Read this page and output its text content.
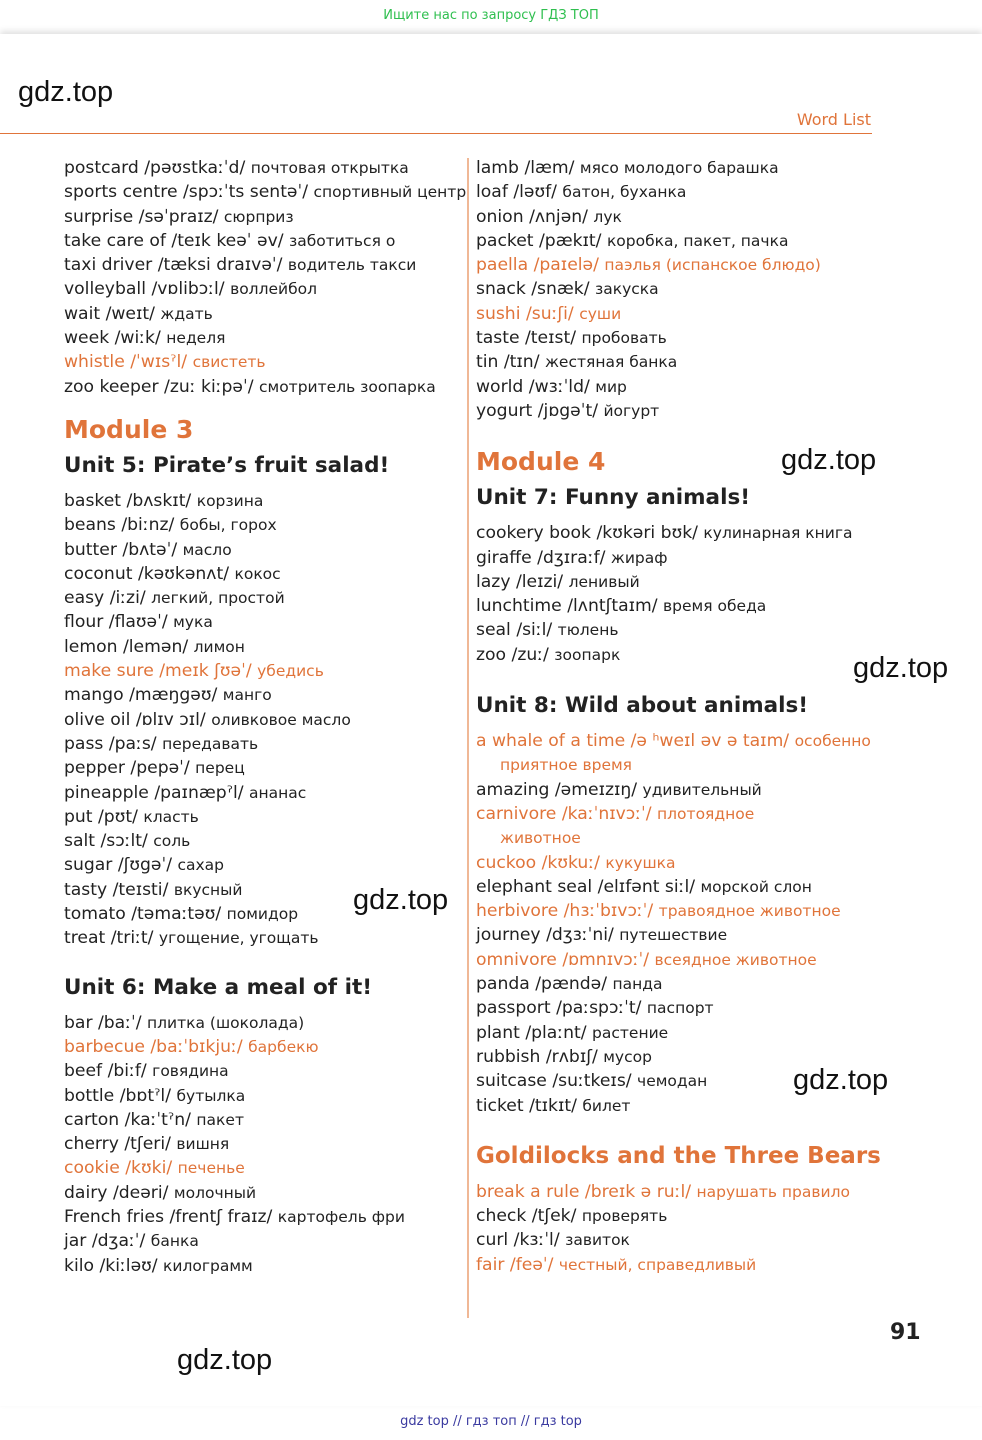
Ищите нас по запросу ГДЗ ТОП
gdz.top
Word List
postcard /pəʊstkaːˈd/ почтовая открытка
sports centre /spɔːˈts sentəˈ/ спортивный центр
surprise /səˈpraɪz/ сюрприз
take care of /teɪk keəˈ əv/ заботиться о
taxi driver /tæksi draɪvəˈ/ водитель такси
volleyball /vɒlibɔːl/ воллейбол
wait /weɪt/ ждать
week /wiːk/ неделя
whistle /ˈwɪsˀl/ свистеть
zoo keeper /zuː kiːpəˈ/ смотритель зоопарка
Module 3
Unit 5: Pirate’s fruit salad!
basket /bʌskɪt/ корзина
beans /biːnz/ бобы, горох
butter /bʌtəˈ/ масло
coconut /kəʊkənʌt/ кокос
easy /iːzi/ легкий, простой
flour /flaʊəˈ/ мука
lemon /lemən/ лимон
make sure /meɪk ʃʊəˈ/ убедись
mango /mæŋgəʊ/ манго
olive oil /ɒlɪv ɔɪl/ оливковое масло
pass /paːs/ передавать
pepper /pepəˈ/ перец
pineapple /paɪnæpˀl/ ананас
put /pʊt/ класть
salt /sɔːlt/ соль
sugar /ʃʊgəˈ/ сахар
tasty /teɪsti/ вкусный
tomato /təmaːtəʊ/ помидор
treat /triːt/ угощение, угощать
Unit 6: Make a meal of it!
bar /baːˈ/ плитка (шоколада)
barbecue /baːˈbɪkjuː/ барбекю
beef /biːf/ говядина
bottle /bɒtˀl/ бутылка
carton /kaːˈtˀn/ пакет
cherry /tʃeri/ вишня
cookie /kʊki/ печенье
dairy /deəri/ молочный
French fries /frentʃ fraɪz/ картофель фри
jar /dʒaːˈ/ банка
kilo /kiːləʊ/ килограмм
lamb /læm/ мясо молодого барашка
loaf /ləʊf/ батон, буханка
onion /ʌnjən/ лук
packet /pækɪt/ коробка, пакет, пачка
paella /paɪelə/ паэлья (испанское блюдо)
snack /snæk/ закуска
sushi /suːʃi/ суши
taste /teɪst/ пробовать
tin /tɪn/ жестяная банка
world /wɜːˈld/ мир
yogurt /jɒgəˈt/ йогурт
Module 4
Unit 7: Funny animals!
cookery book /kʊkəri bʊk/ кулинарная книга
giraffe /dʒɪraːf/ жираф
lazy /leɪzi/ ленивый
lunchtime /lʌntʃtaɪm/ время обеда
seal /siːl/ тюлень
zoo /zuː/ зоопарк
Unit 8: Wild about animals!
a whale of a time /ə ʰweɪl əv ə taɪm/ особенно
приятное время
amazing /əmeɪzɪŋ/ удивительный
carnivore /kaːˈnɪvɔːˈ/ плотоядное
животное
cuckoo /kʊkuː/ кукушка
elephant seal /elɪfənt siːl/ морской слон
herbivore /hɜːˈbɪvɔːˈ/ травоядное животное
journey /dʒɜːˈni/ путешествие
omnivore /ɒmnɪvɔːˈ/ всеядное животное
panda /pændə/ панда
passport /paːspɔːˈt/ паспорт
plant /plaːnt/ растение
rubbish /rʌbɪʃ/ мусор
suitcase /suːtkeɪs/ чемодан
ticket /tɪkɪt/ билет
Goldilocks and the Three Bears
break a rule /breɪk ə ruːl/ нарушать правило
check /tʃek/ проверять
curl /kɜːˈl/ завиток
fair /feəˈ/ честный, справедливый
gdz.top
gdz.top
gdz.top
gdz.top
gdz.top
91
gdz top // гдз топ // гдз top
